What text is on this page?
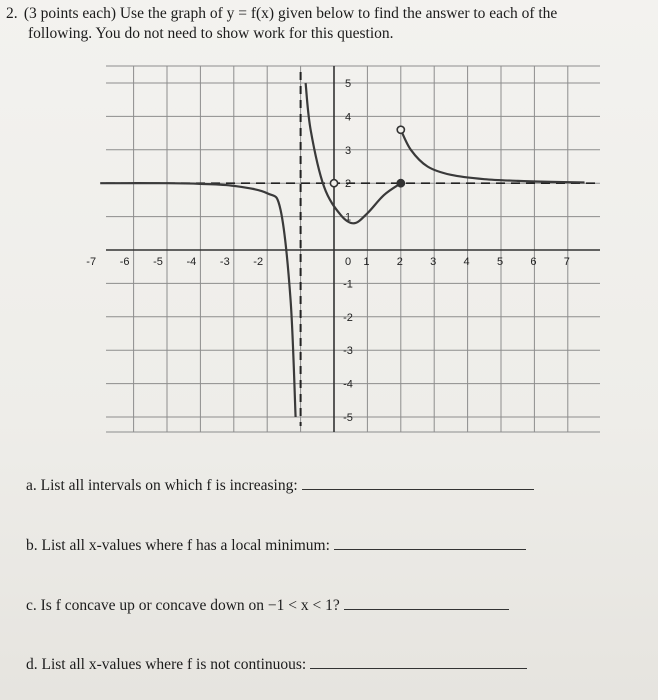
2. (3 points each) Use the graph of y = f(x) given below to find the answer to each of the
following. You do not need to show work for this question.
-7 -6 -5 -4 -3 -2	0 1 2 3 4 5 6 7
5
4
3
2
1
-1
-2
-3
-4
-5
a. List all intervals on which f is increasing:
b. List all x-values where f has a local minimum:
c. Is f concave up or concave down on −1 < x < 1?
d. List all x-values where f is not continuous:
